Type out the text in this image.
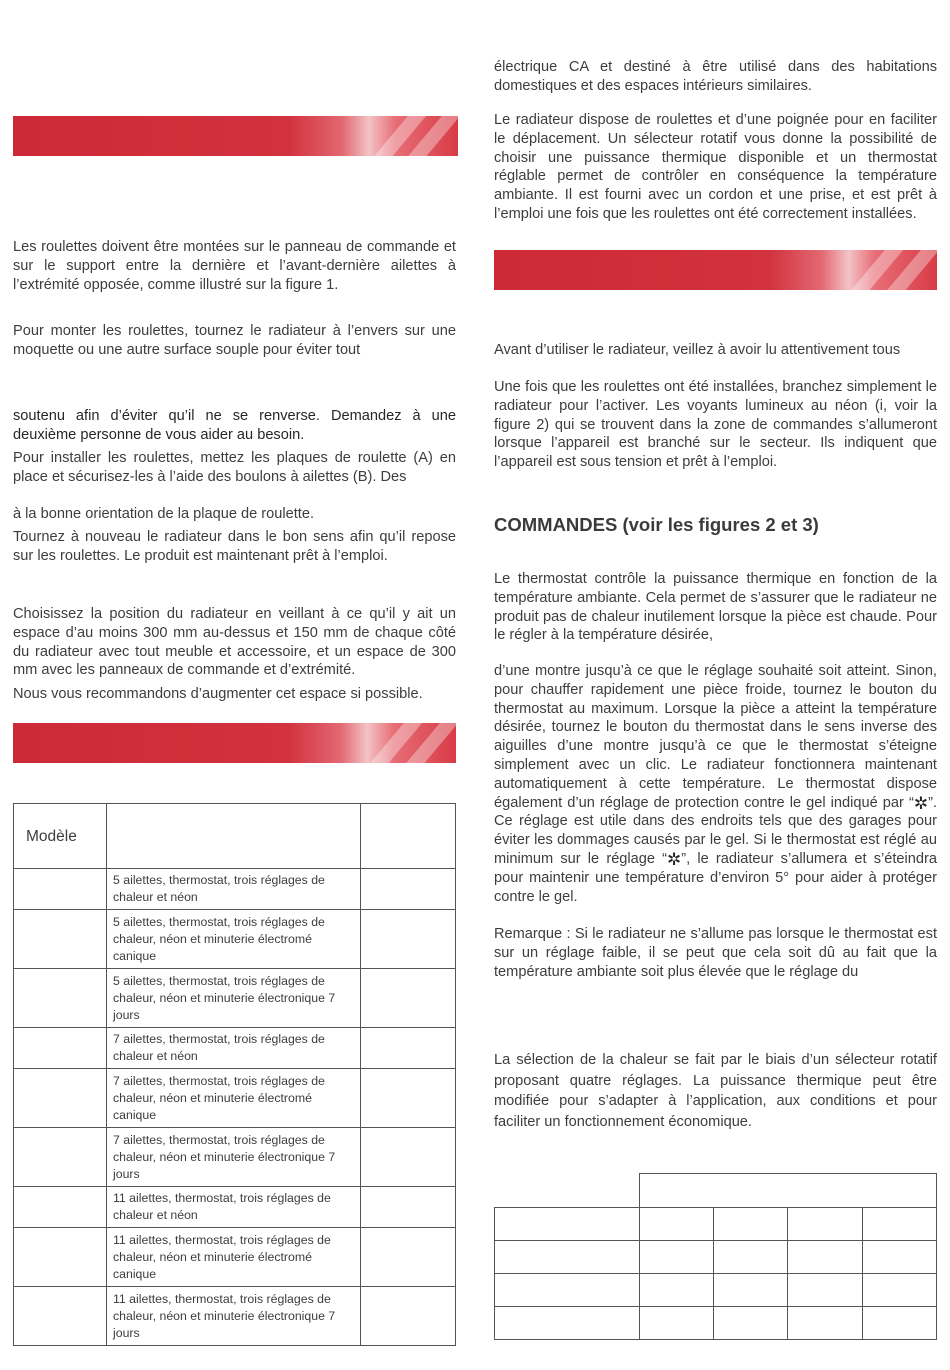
Les roulettes doivent être montées sur le panneau de commande et sur le support entre la dernière et l’avant-dernière ailettes à l’extrémité opposée, comme illustré sur la figure 1.

Pour monter les roulettes, tournez le radiateur à l’envers sur une moquette ou une autre surface souple pour éviter tout

soutenu afin d’éviter qu’il ne se renverse. Demandez à une deuxième personne de vous aider au besoin.

Pour installer les roulettes, mettez les plaques de roulette (A) en place et sécurisez-les à l’aide des boulons à ailettes (B). Des

à la bonne orientation de la plaque de roulette.

Tournez à nouveau le radiateur dans le bon sens afin qu’il repose sur les roulettes. Le produit est maintenant prêt à l’emploi.

Choisissez la position du radiateur en veillant à ce qu’il y ait un espace d’au moins 300 mm au-dessus et 150 mm de chaque côté du radiateur avec tout meuble et accessoire, et un espace de 300 mm avec les panneaux de commande et d’extrémité.

Nous vous recommandons d’augmenter cet espace si possible.

Modèle		
	5 ailettes, thermostat, trois réglages de chaleur et néon	
	5 ailettes, thermostat, trois réglages de chaleur, néon et minuterie électromé canique	
	5 ailettes, thermostat, trois réglages de chaleur, néon et minuterie électronique 7 jours	
	7 ailettes, thermostat, trois réglages de chaleur et néon	
	7 ailettes, thermostat, trois réglages de chaleur, néon et minuterie électromé canique	
	7 ailettes, thermostat, trois réglages de chaleur, néon et minuterie électronique 7 jours	
	11 ailettes, thermostat, trois réglages de chaleur et néon	
	11 ailettes, thermostat, trois réglages de chaleur, néon et minuterie électromé canique	
	11 ailettes, thermostat, trois réglages de chaleur, néon et minuterie électronique 7 jours	

électrique CA et destiné à être utilisé dans des habitations domestiques et des espaces intérieurs similaires.

Le radiateur dispose de roulettes et d’une poignée pour en faciliter le déplacement. Un sélecteur rotatif vous donne la possibilité de choisir une puissance thermique disponible et un thermostat réglable permet de contrôler en conséquence la température ambiante. Il est fourni avec un cordon et une prise, et est prêt à l’emploi une fois que les roulettes ont été correctement installées.

Avant d’utiliser le radiateur, veillez à avoir lu attentivement tous

Une fois que les roulettes ont été installées, branchez simplement le radiateur pour l’activer. Les voyants lumineux au néon (i, voir la figure 2) qui se trouvent dans la zone de commandes s’allumeront lorsque l’appareil est branché sur le secteur. Ils indiquent que l’appareil est sous tension et prêt à l’emploi.

COMMANDES (voir les figures 2 et 3)

Le thermostat contrôle la puissance thermique en fonction de la température ambiante. Cela permet de s’assurer que le radiateur ne produit pas de chaleur inutilement lorsque la pièce est chaude. Pour le régler à la température désirée,

d’une montre jusqu’à ce que le réglage souhaité soit atteint. Sinon, pour chauffer rapidement une pièce froide, tournez le bouton du thermostat au maximum. Lorsque la pièce a atteint la température désirée, tournez le bouton du thermostat dans le sens inverse des aiguilles d’une montre jusqu’à ce que le thermostat s’éteigne simplement avec un clic. Le radiateur fonctionnera maintenant automatiquement à cette température. Le thermostat dispose également d’un réglage de protection contre le gel indiqué par “✲”. Ce réglage est utile dans des endroits tels que des garages pour éviter les dommages causés par le gel. Si le thermostat est réglé au minimum sur le réglage “✲”, le radiateur s’allumera et s’éteindra pour maintenir une température d’environ 5° pour aider à protéger contre le gel.

Remarque : Si le radiateur ne s’allume pas lorsque le thermostat est sur un réglage faible, il se peut que cela soit dû au fait que la température ambiante soit plus élevée que le réglage du

La sélection de la chaleur se fait par le biais d’un sélecteur rotatif proposant quatre réglages. La puissance thermique peut être modifiée pour s’adapter à l’application, aux conditions et pour faciliter un fonctionnement économique.
